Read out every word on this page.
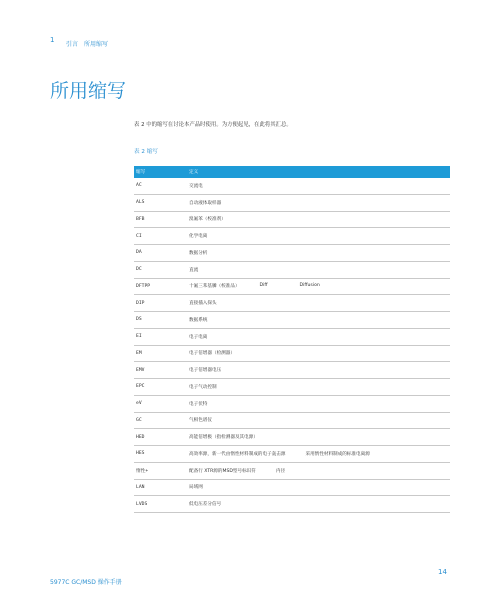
1
引言 所用缩写
所用缩写

表 2 中的缩写在讨论本产品时使用。为方便起见，在此将其汇总。

表 2 缩写
缩写	定义
AC	交流电
ALS	自动液体取样器
BFB	溴氟苯（校准剂）
CI	化学电离
DA	数据分析
DC	直流
DFTPP	十氟三苯基膦（校准品）	Diff	Diffusion
DIP	直接插入探头
DS	数据系统
EI	电子电离
EM	电子倍增器（检测器）
EMV	电子倍增器电压
EPC	电子气动控制
eV	电子伏特
GC	气相色谱仪
HED	高能倍增极（指检测器及其电源）
HES	高效率源，新一代由惰性材料制成的电子轰击源	采用惰性材料制成的标准电离源
惰性+	配备行 XTR源的MSD型号标识符	内径
LAN	局域网
LVDS	低电压差分信号
5977C GC/MSD 操作手册
14
